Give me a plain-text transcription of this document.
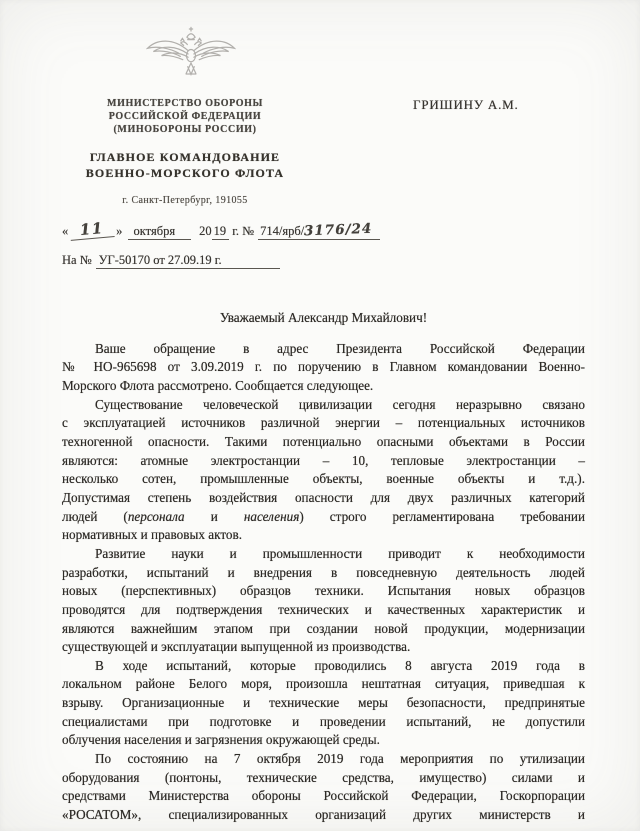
МИНИСТЕРСТВО ОБОРОНЫ
РОССИЙСКОЙ ФЕДЕРАЦИИ
(МИНОБОРОНЫ РОССИИ)
ГЛАВНОЕ КОМАНДОВАНИЕ
ВОЕННО-МОРСКОГО ФЛОТА
г. Санкт-Петербург, 191055
ГРИШИНУ А.М.
« 11 » октября 20 19 г. № 714/ярб/3176/24
На № УГ-50170 от 27.09.19 г.
Уважаемый Александр Михайлович!
Ваше обращение в адрес Президента Российской Федерации
№ НО-965698 от 3.09.2019 г. по поручению в Главном командовании Военно-
Морского Флота рассмотрено. Сообщается следующее.
Существование человеческой цивилизации сегодня неразрывно связано
с эксплуатацией источников различной энергии – потенциальных источников
техногенной опасности. Такими потенциально опасными объектами в России
являются: атомные электростанции – 10, тепловые электростанции –
несколько сотен, промышленные объекты, военные объекты и т.д.).
Допустимая степень воздействия опасности для двух различных категорий
людей (персонала и населения) строго регламентирована требовании
нормативных и правовых актов.
Развитие науки и промышленности приводит к необходимости
разработки, испытаний и внедрения в повседневную деятельность людей
новых (перспективных) образцов техники. Испытания новых образцов
проводятся для подтверждения технических и качественных характеристик и
являются важнейшим этапом при создании новой продукции, модернизации
существующей и эксплуатации выпущенной из производства.
В ходе испытаний, которые проводились 8 августа 2019 года в
локальном районе Белого моря, произошла нештатная ситуация, приведшая к
взрыву. Организационные и технические меры безопасности, предпринятые
специалистами при подготовке и проведении испытаний, не допустили
облучения населения и загрязнения окружающей среды.
По состоянию на 7 октября 2019 года мероприятия по утилизации
оборудования (понтоны, технические средства, имущество) силами и
средствами Министерства обороны Российской Федерации, Госкорпорации
«РОСАТОМ», специализированных организаций других министерств и
